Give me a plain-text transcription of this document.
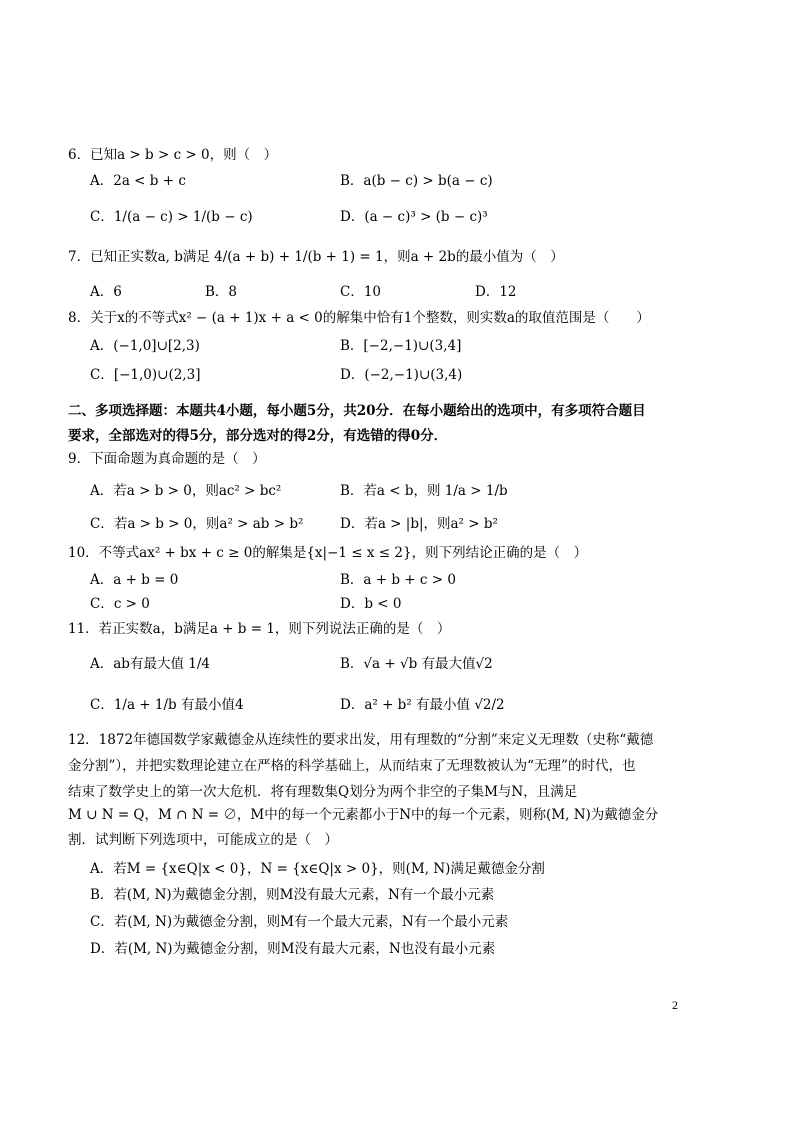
6．已知a > b > c > 0，则（　）
A．2a < b + c	B．a(b − c) > b(a − c)
C．1/(a − c) > 1/(b − c)	D．(a − c)³ > (b − c)³
7．已知正实数a, b满足 4/(a + b) + 1/(b + 1) = 1，则a + 2b的最小值为（　）
A．6	B．8	C．10	D．12
8．关于x的不等式x² − (a + 1)x + a < 0的解集中恰有1个整数，则实数a的取值范围是（　　）
A．(−1,0]∪[2,3)	B．[−2,−1)∪(3,4]
C．[−1,0)∪(2,3]	D．(−2,−1)∪(3,4)
二、多项选择题：本题共4小题，每小题5分，共20分．在每小题给出的选项中，有多项符合题目
要求，全部选对的得5分，部分选对的得2分，有选错的得0分．
9．下面命题为真命题的是（　）
A．若a > b > 0，则ac² > bc²	B．若a < b，则 1/a > 1/b
C．若a > b > 0，则a² > ab > b²	D．若a > |b|，则a² > b²
10．不等式ax² + bx + c ≥ 0的解集是{x|−1 ≤ x ≤ 2}，则下列结论正确的是（　）
A．a + b = 0	B．a + b + c > 0
C．c > 0	D．b < 0
11．若正实数a，b满足a + b = 1，则下列说法正确的是（　）
A．ab有最大值 1/4	B．√a + √b 有最大值√2
C．1/a + 1/b 有最小值4	D．a² + b² 有最小值 √2/2
12．1872年德国数学家戴德金从连续性的要求出发，用有理数的“分割”来定义无理数（史称“戴德
金分割”），并把实数理论建立在严格的科学基础上，从而结束了无理数被认为“无理”的时代，也
结束了数学史上的第一次大危机．将有理数集Q划分为两个非空的子集M与N，且满足
M ∪ N = Q，M ∩ N = ∅，M中的每一个元素都小于N中的每一个元素，则称(M, N)为戴德金分
割．试判断下列选项中，可能成立的是（　）
A．若M = {x∈Q|x < 0}，N = {x∈Q|x > 0}，则(M, N)满足戴德金分割
B．若(M, N)为戴德金分割，则M没有最大元素，N有一个最小元素
C．若(M, N)为戴德金分割，则M有一个最大元素，N有一个最小元素
D．若(M, N)为戴德金分割，则M没有最大元素，N也没有最小元素
2
